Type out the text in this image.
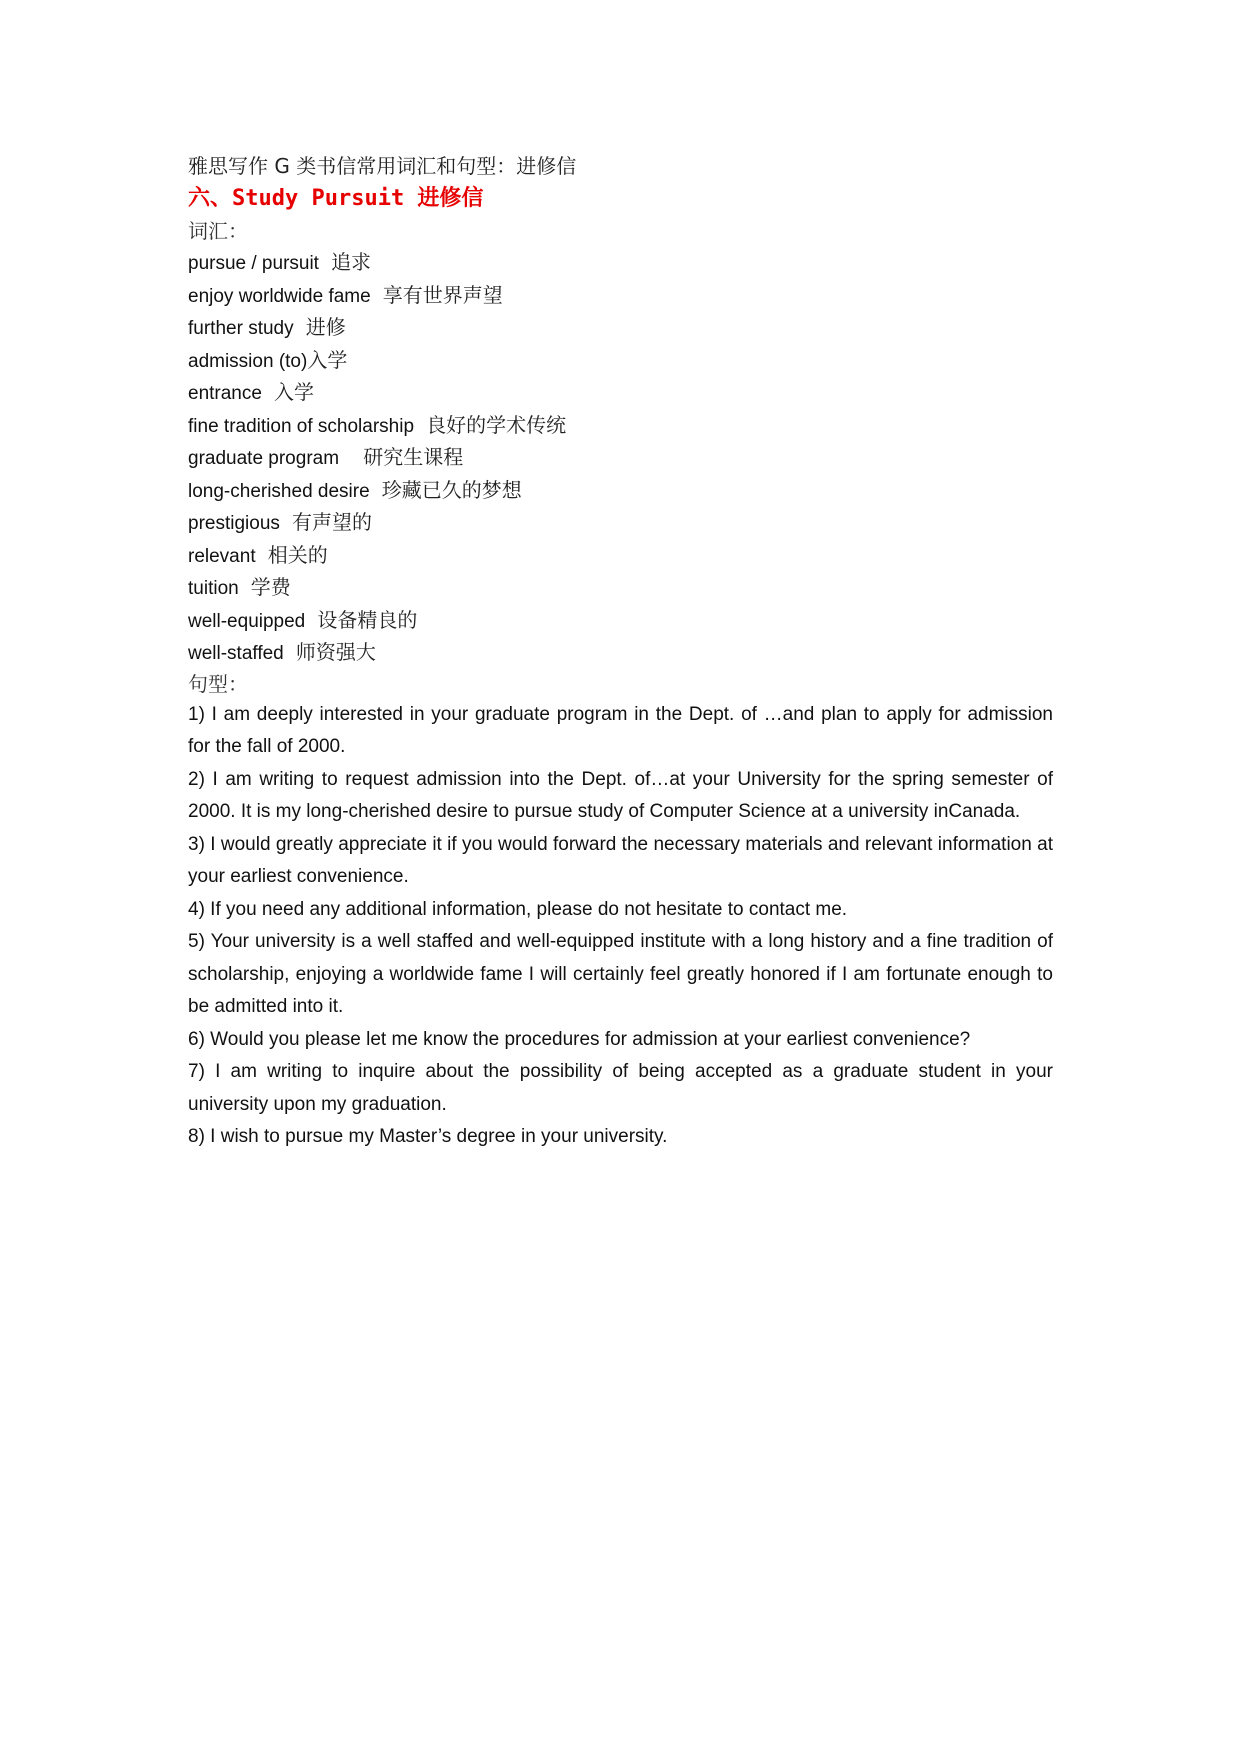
雅思写作 G 类书信常用词汇和句型：进修信
六、Study Pursuit 进修信
词汇：
pursue / pursuit 追求
enjoy worldwide fame 享有世界声望
further study 进修
admission (to)入学
entrance 入学
fine tradition of scholarship 良好的学术传统
graduate program 研究生课程
long-cherished desire 珍藏已久的梦想
prestigious 有声望的
relevant 相关的
tuition 学费
well-equipped 设备精良的
well-staffed 师资强大
句型：
1) I am deeply interested in your graduate program in the Dept. of …and plan to apply for admission for the fall of 2000.
2) I am writing to request admission into the Dept. of…at your University for the spring semester of 2000. It is my long-cherished desire to pursue study of Computer Science at a university inCanada.
3) I would greatly appreciate it if you would forward the necessary materials and relevant information at your earliest convenience.
4) If you need any additional information, please do not hesitate to contact me.
5) Your university is a well staffed and well-equipped institute with a long history and a fine tradition of scholarship, enjoying a worldwide fame I will certainly feel greatly honored if I am fortunate enough to be admitted into it.
6) Would you please let me know the procedures for admission at your earliest convenience?
7) I am writing to inquire about the possibility of being accepted as a graduate student in your university upon my graduation.
8) I wish to pursue my Master’s degree in your university.
